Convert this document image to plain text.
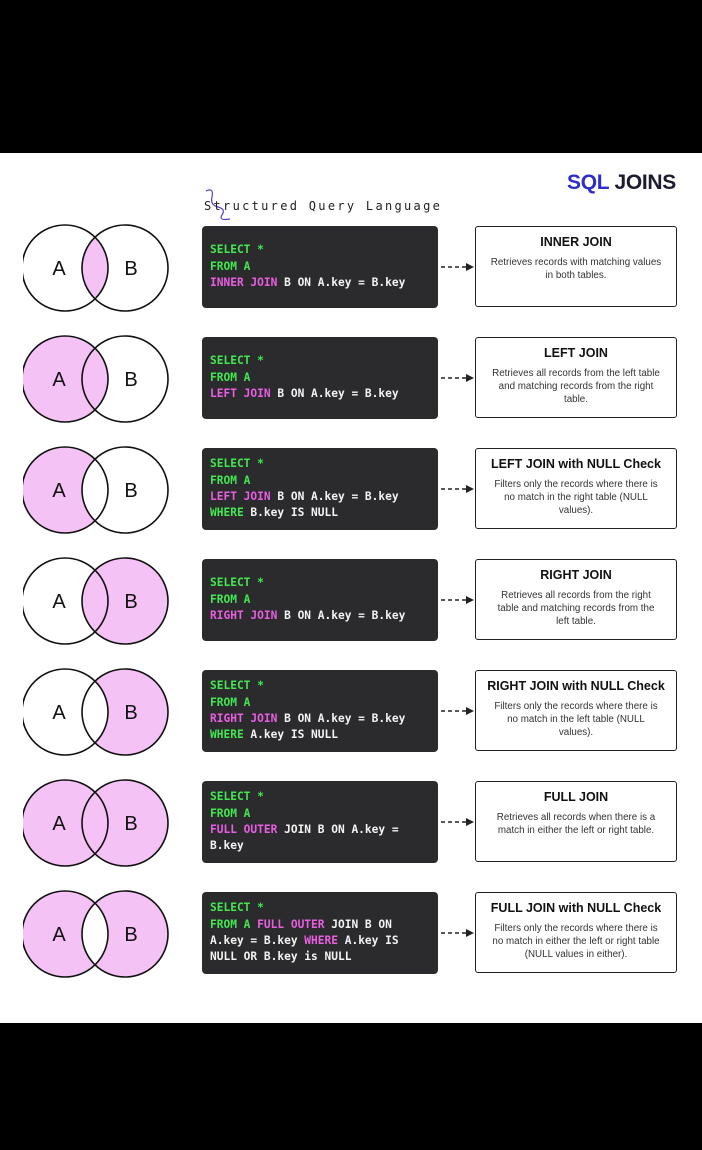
SQL JOINS
Structured Query Language
A	B
SELECT *
FROM A
INNER JOIN B ON A.key = B.key
INNER JOIN
Retrieves records with matching values in both tables.
A	B
SELECT *
FROM A
LEFT JOIN B ON A.key = B.key
LEFT JOIN
Retrieves all records from the left table and matching records from the right table.
A	B
SELECT *
FROM A
LEFT JOIN B ON A.key = B.key
WHERE B.key IS NULL
LEFT JOIN with NULL Check
Filters only the records where there is no match in the right table (NULL values).
A	B
SELECT *
FROM A
RIGHT JOIN B ON A.key = B.key
RIGHT JOIN
Retrieves all records from the right table and matching records from the left table.
A	B
SELECT *
FROM A
RIGHT JOIN B ON A.key = B.key
WHERE A.key IS NULL
RIGHT JOIN with NULL Check
Filters only the records where there is no match in the left table (NULL values).
A	B
SELECT *
FROM A
FULL OUTER JOIN B ON A.key =
B.key
FULL JOIN
Retrieves all records when there is a match in either the left or right table.
A	B
SELECT *
FROM A FULL OUTER JOIN B ON
A.key = B.key WHERE A.key IS
NULL OR B.key is NULL
FULL JOIN with NULL Check
Filters only the records where there is no match in either the left or right table (NULL values in either).
